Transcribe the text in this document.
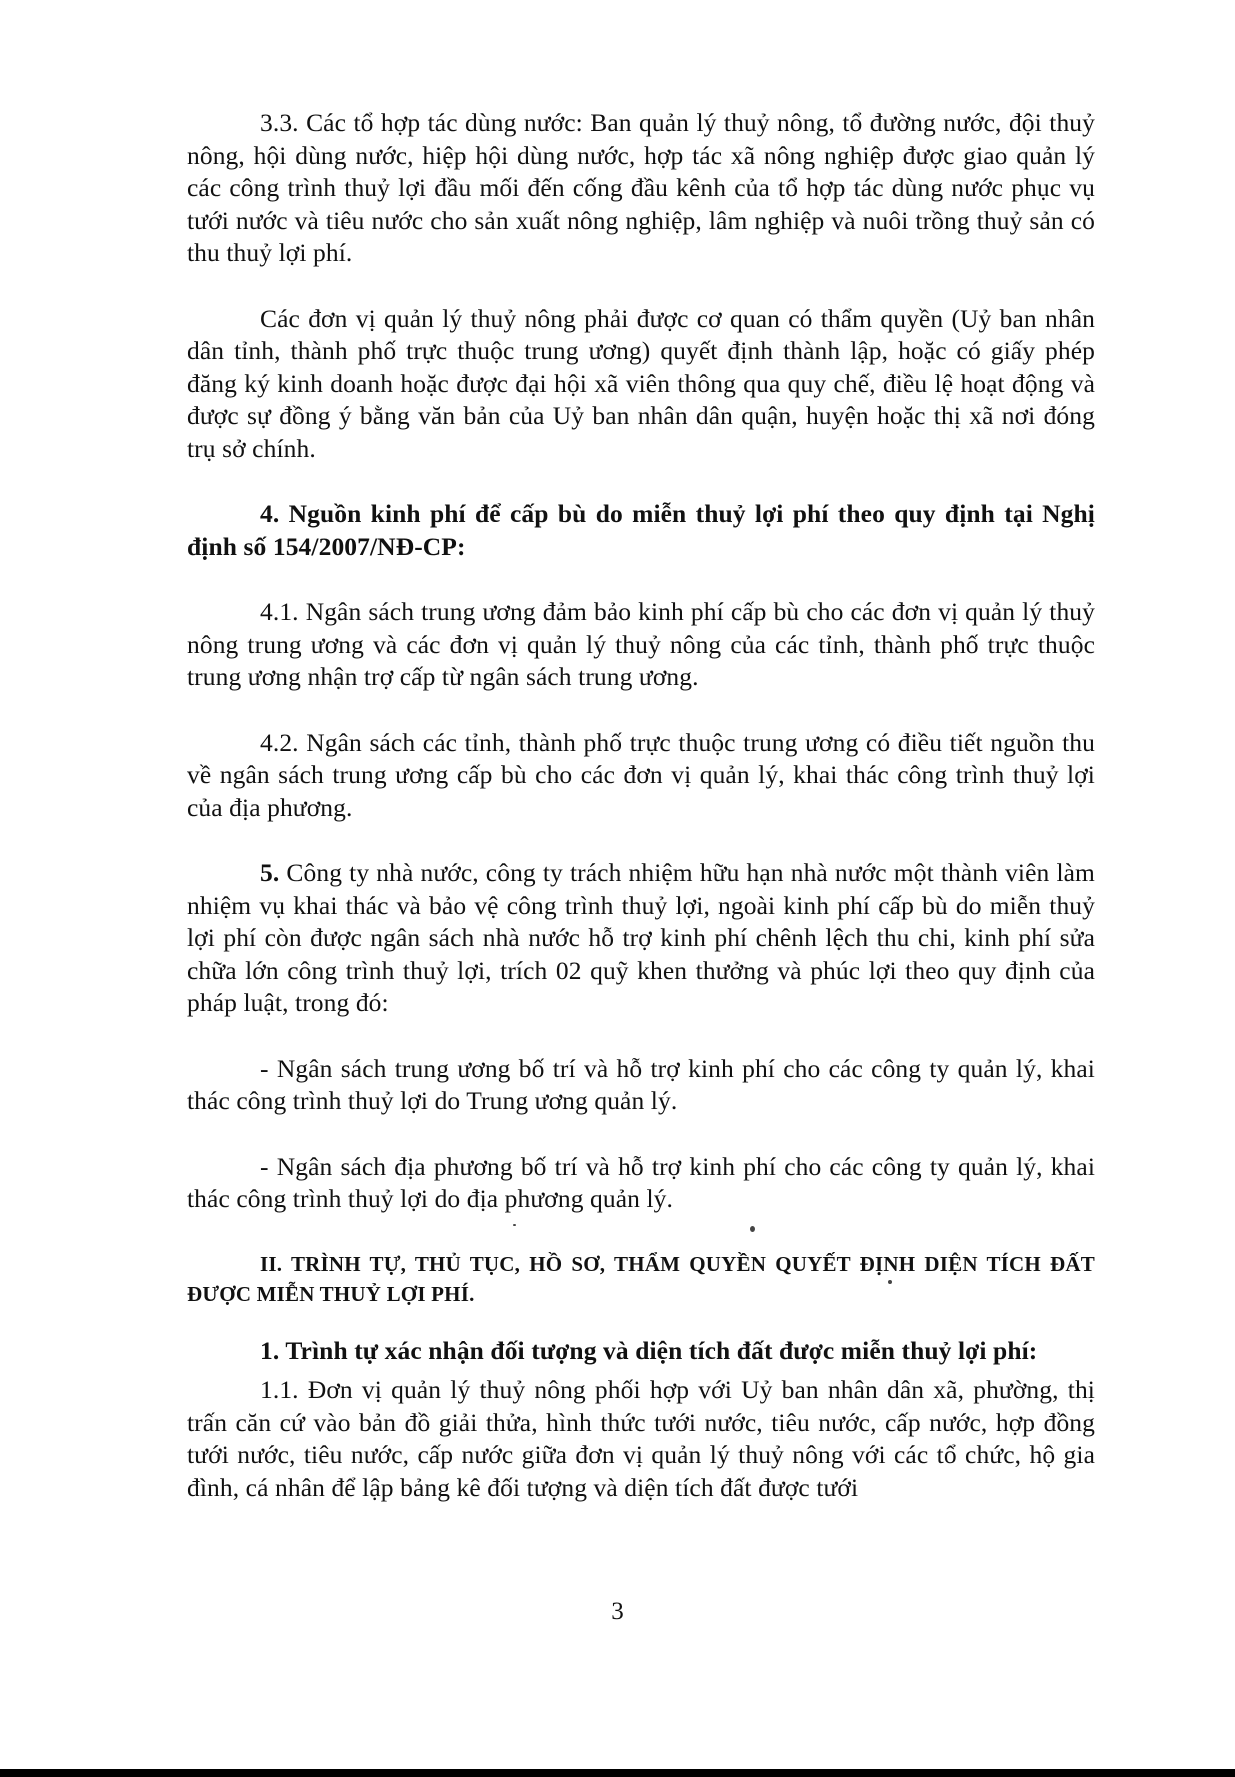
3.3. Các tổ hợp tác dùng nước: Ban quản lý thuỷ nông, tổ đường nước, đội thuỷ nông, hội dùng nước, hiệp hội dùng nước, hợp tác xã nông nghiệp được giao quản lý các công trình thuỷ lợi đầu mối đến cống đầu kênh của tổ hợp tác dùng nước phục vụ tưới nước và tiêu nước cho sản xuất nông nghiệp, lâm nghiệp và nuôi trồng thuỷ sản có thu thuỷ lợi phí.

Các đơn vị quản lý thuỷ nông phải được cơ quan có thẩm quyền (Uỷ ban nhân dân tỉnh, thành phố trực thuộc trung ương) quyết định thành lập, hoặc có giấy phép đăng ký kinh doanh hoặc được đại hội xã viên thông qua quy chế, điều lệ hoạt động và được sự đồng ý bằng văn bản của Uỷ ban nhân dân quận, huyện hoặc thị xã nơi đóng trụ sở chính.

4. Nguồn kinh phí để cấp bù do miễn thuỷ lợi phí theo quy định tại Nghị định số 154/2007/NĐ-CP:

4.1. Ngân sách trung ương đảm bảo kinh phí cấp bù cho các đơn vị quản lý thuỷ nông trung ương và các đơn vị quản lý thuỷ nông của các tỉnh, thành phố trực thuộc trung ương nhận trợ cấp từ ngân sách trung ương.

4.2. Ngân sách các tỉnh, thành phố trực thuộc trung ương có điều tiết nguồn thu về ngân sách trung ương cấp bù cho các đơn vị quản lý, khai thác công trình thuỷ lợi của địa phương.

5. Công ty nhà nước, công ty trách nhiệm hữu hạn nhà nước một thành viên làm nhiệm vụ khai thác và bảo vệ công trình thuỷ lợi, ngoài kinh phí cấp bù do miễn thuỷ lợi phí còn được ngân sách nhà nước hỗ trợ kinh phí chênh lệch thu chi, kinh phí sửa chữa lớn công trình thuỷ lợi, trích 02 quỹ khen thưởng và phúc lợi theo quy định của pháp luật, trong đó:

- Ngân sách trung ương bố trí và hỗ trợ kinh phí cho các công ty quản lý, khai thác công trình thuỷ lợi do Trung ương quản lý.

- Ngân sách địa phương bố trí và hỗ trợ kinh phí cho các công ty quản lý, khai thác công trình thuỷ lợi do địa phương quản lý.

II. TRÌNH TỰ, THỦ TỤC, HỒ SƠ, THẨM QUYỀN QUYẾT ĐỊNH DIỆN TÍCH ĐẤT ĐƯỢC MIỄN THUỶ LỢI PHÍ.

1. Trình tự xác nhận đối tượng và diện tích đất được miễn thuỷ lợi phí:

1.1. Đơn vị quản lý thuỷ nông phối hợp với Uỷ ban nhân dân xã, phường, thị trấn căn cứ vào bản đồ giải thửa, hình thức tưới nước, tiêu nước, cấp nước, hợp đồng tưới nước, tiêu nước, cấp nước giữa đơn vị quản lý thuỷ nông với các tổ chức, hộ gia đình, cá nhân để lập bảng kê đối tượng và diện tích đất được tưới

3
